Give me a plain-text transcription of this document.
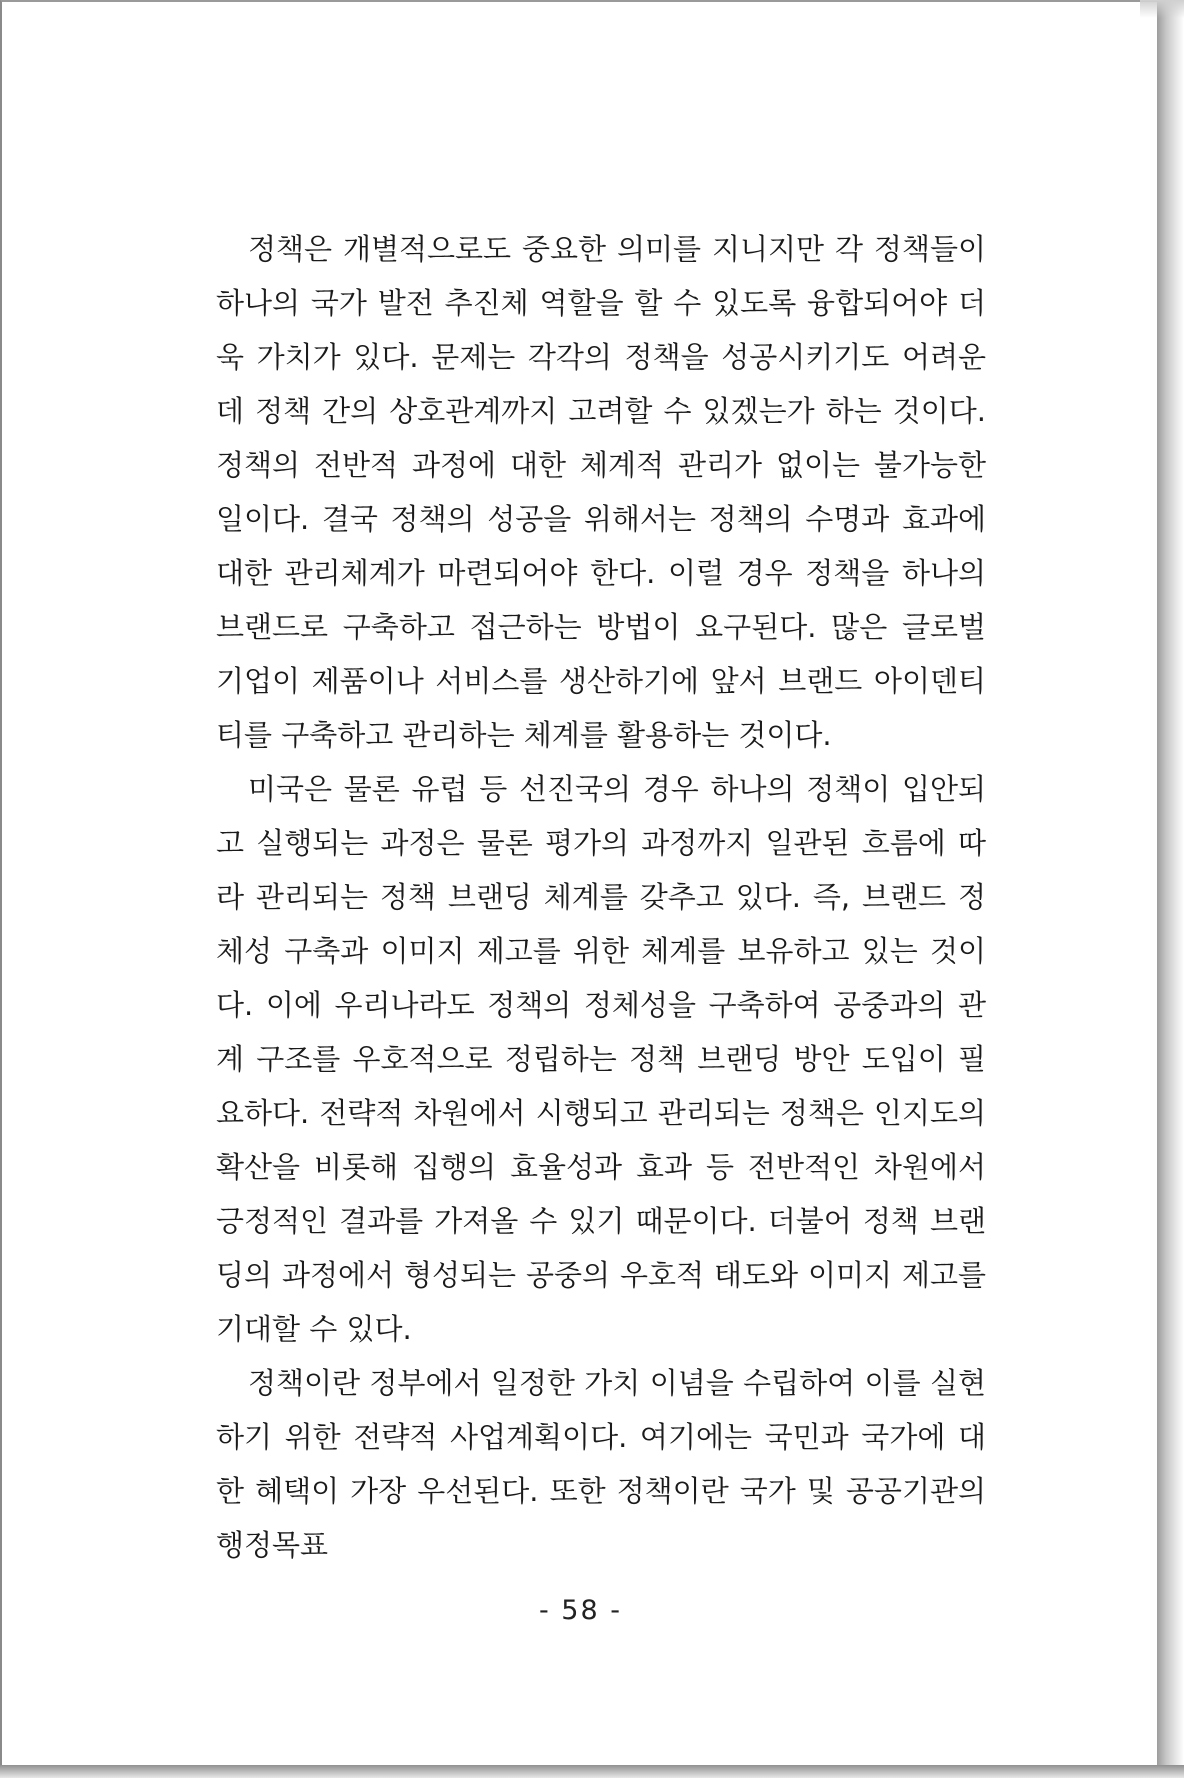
정책은 개별적으로도 중요한 의미를 지니지만 각 정책들이 하나의 국가 발전 추진체 역할을 할 수 있도록 융합되어야 더욱 가치가 있다. 문제는 각각의 정책을 성공시키기도 어려운데 정책 간의 상호관계까지 고려할 수 있겠는가 하는 것이다. 정책의 전반적 과정에 대한 체계적 관리가 없이는 불가능한 일이다. 결국 정책의 성공을 위해서는 정책의 수명과 효과에 대한 관리체계가 마련되어야 한다. 이럴 경우 정책을 하나의 브랜드로 구축하고 접근하는 방법이 요구된다. 많은 글로벌 기업이 제품이나 서비스를 생산하기에 앞서 브랜드 아이덴티티를 구축하고 관리하는 체계를 활용하는 것이다.

미국은 물론 유럽 등 선진국의 경우 하나의 정책이 입안되고 실행되는 과정은 물론 평가의 과정까지 일관된 흐름에 따라 관리되는 정책 브랜딩 체계를 갖추고 있다. 즉, 브랜드 정체성 구축과 이미지 제고를 위한 체계를 보유하고 있는 것이다. 이에 우리나라도 정책의 정체성을 구축하여 공중과의 관계 구조를 우호적으로 정립하는 정책 브랜딩 방안 도입이 필요하다. 전략적 차원에서 시행되고 관리되는 정책은 인지도의 확산을 비롯해 집행의 효율성과 효과 등 전반적인 차원에서 긍정적인 결과를 가져올 수 있기 때문이다. 더불어 정책 브랜딩의 과정에서 형성되는 공중의 우호적 태도와 이미지 제고를 기대할 수 있다.

정책이란 정부에서 일정한 가치 이념을 수립하여 이를 실현하기 위한 전략적 사업계획이다. 여기에는 국민과 국가에 대한 혜택이 가장 우선된다. 또한 정책이란 국가 및 공공기관의 행정목표

- 58 -
